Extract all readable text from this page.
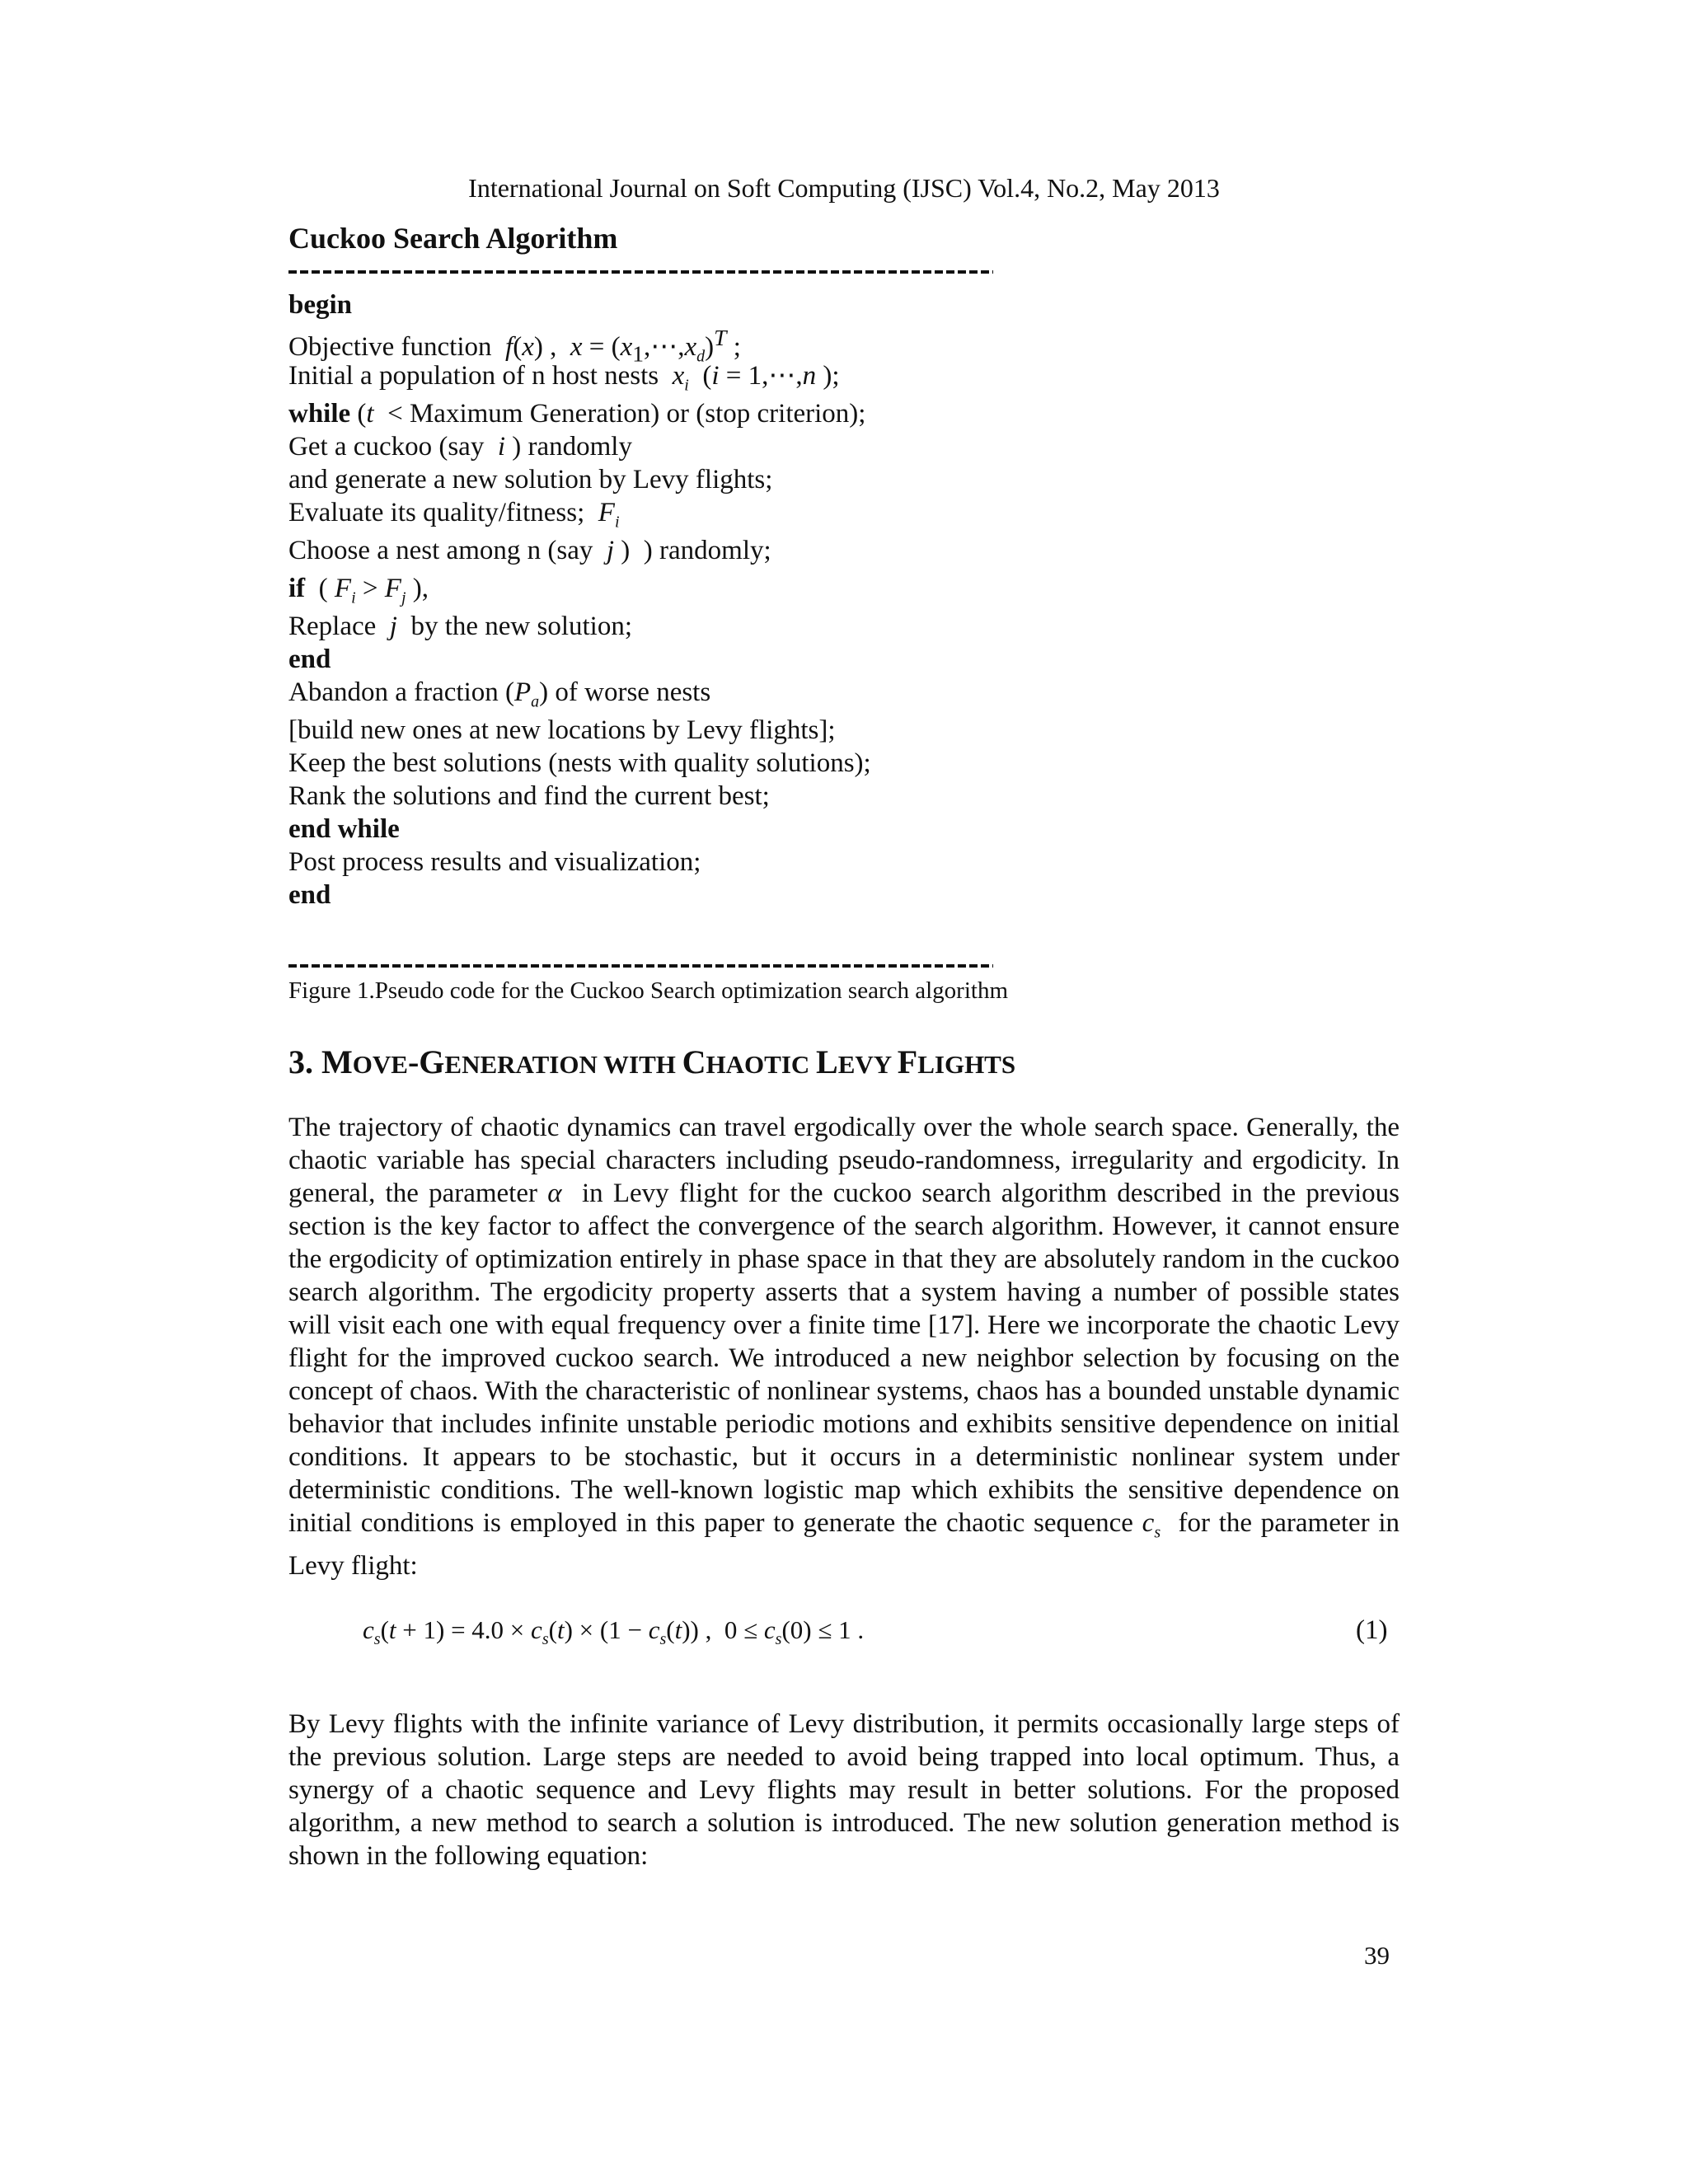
International Journal on Soft Computing (IJSC) Vol.4, No.2, May 2013
Cuckoo Search Algorithm
begin
Objective function f(x) ,  $x = (x_1,\cdots,x_d)^T$ ;
Initial a population of n host nests $x_i$  (i = 1,⋯,n );
while (t < Maximum Generation) or (stop criterion);
Get a cuckoo (say i ) randomly
and generate a new solution by Levy flights;
Evaluate its quality/fitness; $F_i$
Choose a nest among n (say j )  ) randomly;
if  ( $F_i > F_j$ ),
Replace j by the new solution;
end
Abandon a fraction $(P_a)$ of worse nests
[build new ones at new locations by Levy flights];
Keep the best solutions (nests with quality solutions);
Rank the solutions and find the current best;
end while
Post process results and visualization;
end
Figure 1.Pseudo code for the Cuckoo Search optimization search algorithm
3. MOVE-GENERATION WITH CHAOTIC LEVY FLIGHTS

The trajectory of chaotic dynamics can travel ergodically over the whole search space. Generally, the chaotic variable has special characters including pseudo-randomness, irregularity and ergodicity. In general, the parameter α in Levy flight for the cuckoo search algorithm described in the previous section is the key factor to affect the convergence of the search algorithm. However, it cannot ensure the ergodicity of optimization entirely in phase space in that they are absolutely random in the cuckoo search algorithm. The ergodicity property asserts that a system having a number of possible states will visit each one with equal frequency over a finite time [17]. Here we incorporate the chaotic Levy flight for the improved cuckoo search. We introduced a new neighbor selection by focusing on the concept of chaos. With the characteristic of nonlinear systems, chaos has a bounded unstable dynamic behavior that includes infinite unstable periodic motions and exhibits sensitive dependence on initial conditions. It appears to be stochastic, but it occurs in a deterministic nonlinear system under deterministic conditions. The well-known logistic map which exhibits the sensitive dependence on initial conditions is employed in this paper to generate the chaotic sequence $c_s$ for the parameter in Levy flight:

$c_s(t + 1) = 4.0 \times c_s(t) \times (1 - c_s(t))$ ,  $0 \le c_s(0) \le 1$ .	(1)

By Levy flights with the infinite variance of Levy distribution, it permits occasionally large steps of the previous solution. Large steps are needed to avoid being trapped into local optimum. Thus, a synergy of a chaotic sequence and Levy flights may result in better solutions. For the proposed algorithm, a new method to search a solution is introduced. The new solution generation method is shown in the following equation:

39
